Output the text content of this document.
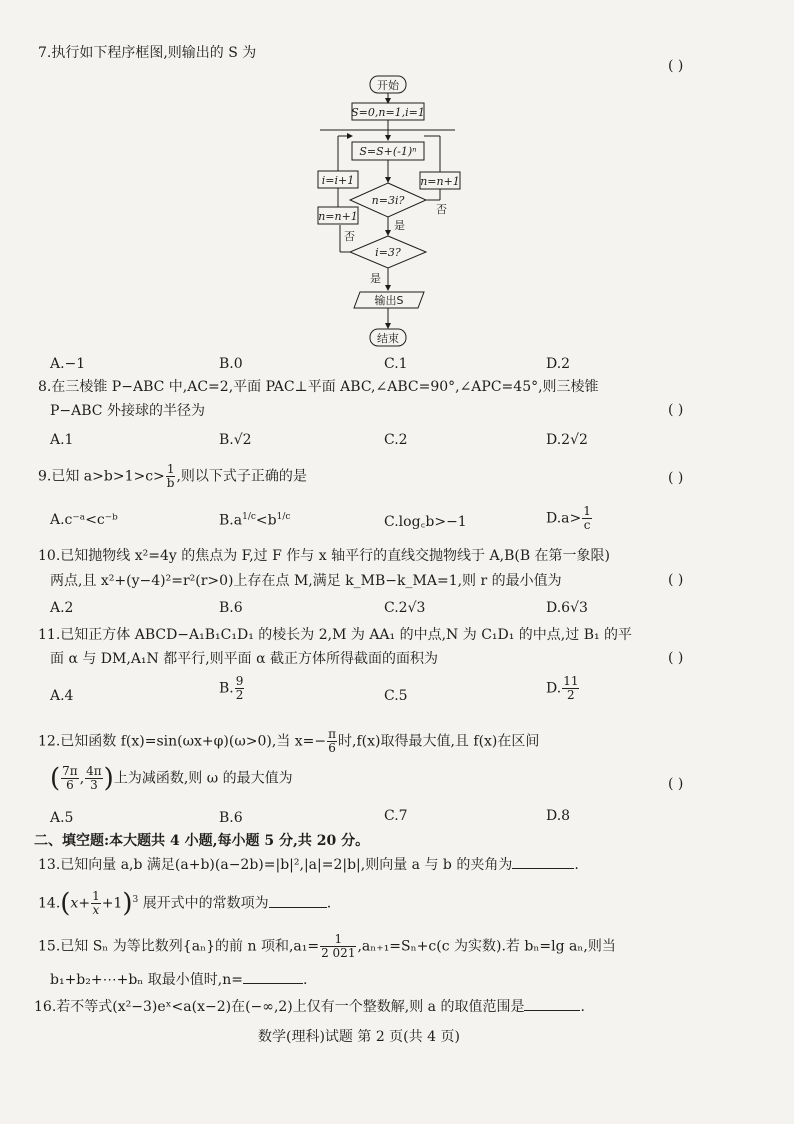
7.执行如下程序框图,则输出的 S 为
( )
开始
S=0,n=1,i=1
S=S+(-1)ⁿ
n=3i?
n=n+1
否
是
i=3?
n=n+1
否
i=i+1
是
输出S
结束
A.−1	B.0	C.1	D.2
8.在三棱锥 P−ABC 中,AC=2,平面 PAC⊥平面 ABC,∠ABC=90°,∠APC=45°,则三棱锥
P−ABC 外接球的半径为	( )
A.1	B.√2	C.2	D.2√2
9.已知 $a>b>1>c> \frac{1}{b}$ ,则以下式子正确的是	( )
A.c⁻ᵃ<c⁻ᵇ	$B.a^{1/c}<b^{1/c}$	C.log꜀b>−1	$D.a> \frac{1}{c}$
10.已知抛物线 x²=4y 的焦点为 F,过 F 作与 x 轴平行的直线交抛物线于 A,B(B 在第一象限)
两点,且 x²+(y−4)²=r²(r>0)上存在点 M,满足 k_MB−k_MA=1,则 r 的最小值为	( )
A.2	B.6	C.2√3	D.6√3
11.已知正方体 ABCD−A₁B₁C₁D₁ 的棱长为 2,M 为 AA₁ 的中点,N 为 C₁D₁ 的中点,过 B₁ 的平
面 α 与 DM,A₁N 都平行,则平面 α 截正方体所得截面的面积为	( )
A.4	B. $\frac{9}{2}$	C.5	D. $\frac{11}{2}$
12.已知函数 f(x)=sin(ωx+φ)(ω>0),当 $x=- \frac{\pi}{6}$ 时,f(x)取得最大值,且 f(x)在区间
( $\frac{7\pi}{6}$ , $\frac{4\pi}{3}$ )上为减函数,则 ω 的最大值为	( )
A.5	B.6	C.7	D.8
二、填空题:本大题共 4 小题,每小题 5 分,共 20 分。
13.已知向量 a,b 满足(a+b)(a−2b)=|b|²,|a|=2|b|,则向量 a 与 b 的夹角为	.
$14.(x+ \frac{1}{x} +1)^3$ 展开式中的常数项为	.
15.已知 Sₙ 为等比数列{aₙ}的前 n 项和$,a_1= \frac{1}{2 021} ,a_{n+1}=S_n+c(c$ 为实数).若 bₙ=lg aₙ,则当
b₁+b₂+⋯+bₙ 取最小值时,n=	.
16.若不等式(x²−3)eˣ<a(x−2)在(−∞,2)上仅有一个整数解,则 a 的取值范围是	.
数学(理科)试题 第 2 页(共 4 页)
